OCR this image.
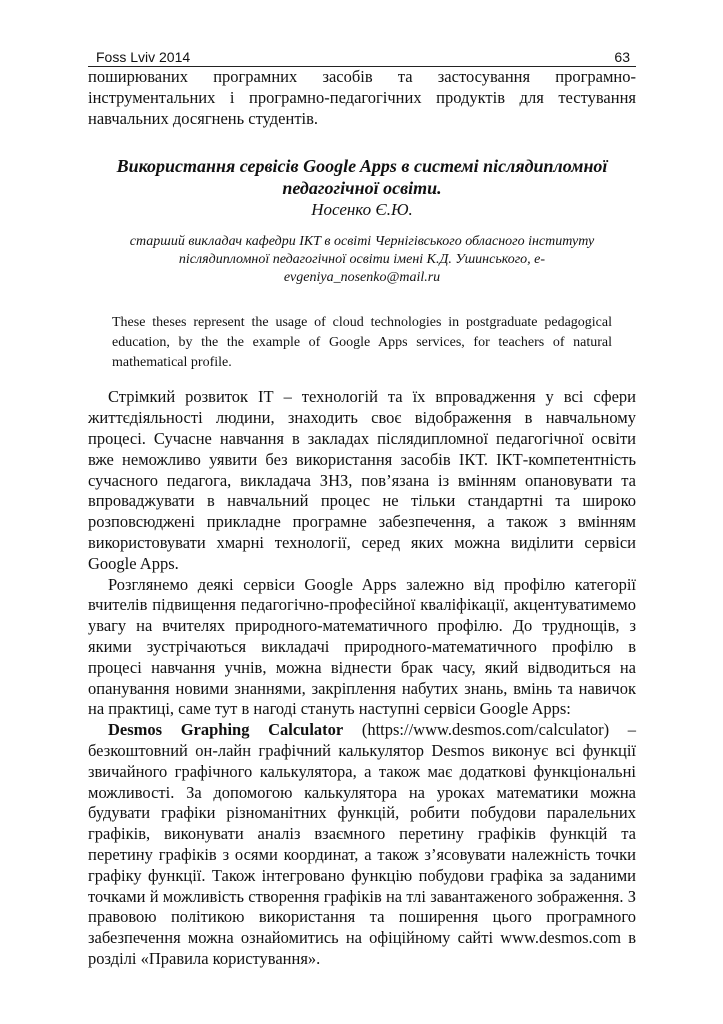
Foss Lviv 2014	63

поширюваних програмних засобів та застосування програмно-інструментальних і програмно-педагогічних продуктів для тестування навчальних досягнень студентів.

Використання сервісів Google Apps в системі післядипломної педагогічної освіти.

Носенко Є.Ю.

старший викладач кафедри ІКТ в освіті Чернігівського обласного інституту післядипломної педагогічної освіти імені К.Д. Ушинського, e-evgeniya_nosenko@mail.ru

These theses represent the usage of cloud technologies in postgraduate pedagogical education, by the the example of Google Apps services, for teachers of natural mathematical profile.

Стрімкий розвиток ІТ – технологій та їх впровадження у всі сфери життєдіяльності людини, знаходить своє відображення в навчальному процесі. Сучасне навчання в закладах післядипломної педагогічної освіти вже неможливо уявити без використання засобів ІКТ. ІКТ-компетентність сучасного педагога, викладача ЗНЗ, пов’язана із вмінням опановувати та впроваджувати в навчальний процес не тільки стандартні та широко розповсюджені прикладне програмне забезпечення, а також з вмінням використовувати хмарні технології, серед яких можна виділити сервіси Google Apps.

Розглянемо деякі сервіси Google Apps залежно від профілю категорії вчителів підвищення педагогічно-професійної кваліфікації, акцентуватимемо увагу на вчителях природного-математичного профілю. До труднощів, з якими зустрічаються викладачі природного-математичного профілю в процесі навчання учнів, можна віднести брак часу, який відводиться на опанування новими знаннями, закріплення набутих знань, вмінь та навичок на практиці, саме тут в нагоді стануть наступні сервіси Google Apps:

Desmos Graphing Calculator (https://www.desmos.com/calculator) – безкоштовний он-лайн графічний калькулятор Desmos виконує всі функції звичайного графічного калькулятора, а також має додаткові функціональні можливості. За допомогою калькулятора на уроках математики можна будувати графіки різноманітних функцій, робити побудови паралельних графіків, виконувати аналіз взаємного перетину графіків функцій та перетину графіків з осями координат, а також з’ясовувати належність точки графіку функції. Також інтегровано функцію побудови графіка за заданими точками й можливість створення графіків на тлі завантаженого зображення. З правовою політикою використання та поширення цього програмного забезпечення можна ознайомитись на офіційному сайті www.desmos.com в розділі «Правила користування».
